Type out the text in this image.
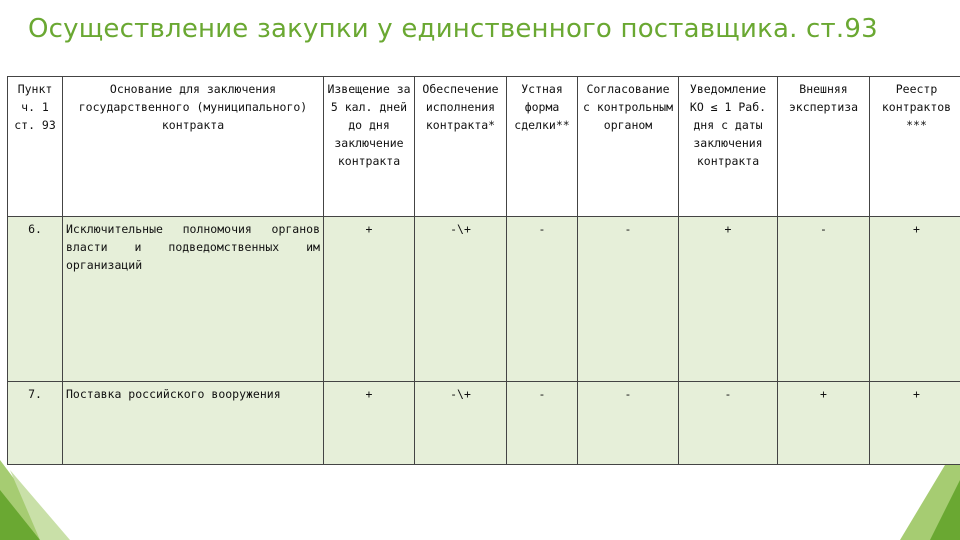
Осуществление закупки у единственного поставщика. ст.93
Пункт ч. 1 ст. 93	Основание для заключения государственного (муниципального) контракта	Извещение за 5 кал. дней до дня заключение контракта	Обеспечение исполнения контракта*	Устная форма сделки**	Согласование с контрольным органом	Уведомление КО ≤ 1 Раб. дня с даты заключения контракта	Внешняя экспертиза	Реестр контрактов ***
6.	Исключительные полномочия органов власти и подведомственных им организаций	+	-\+	-	-	+	-	+
7.	Поставка российского вооружения	+	-\+	-	-	-	+	+
